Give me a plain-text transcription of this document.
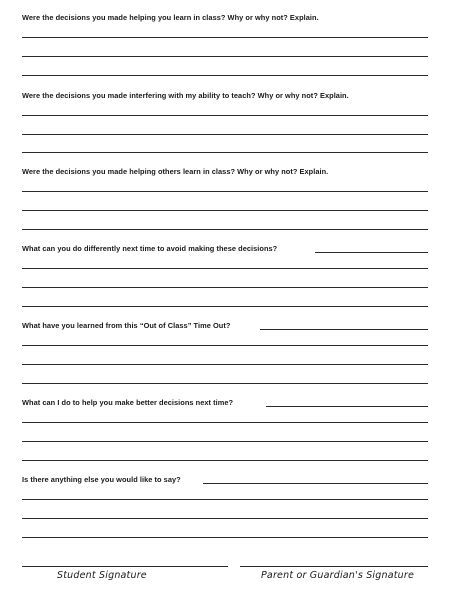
Were the decisions you made helping you learn in class? Why or why not? Explain.
Were the decisions you made interfering with my ability to teach? Why or why not? Explain.
Were the decisions you made helping others learn in class? Why or why not? Explain.
What can you do differently next time to avoid making these decisions?
What have you learned from this “Out of Class” Time Out?
What can I do to help you make better decisions next time?
Is there anything else you would like to say?
Student Signature	Parent or Guardian's Signature
